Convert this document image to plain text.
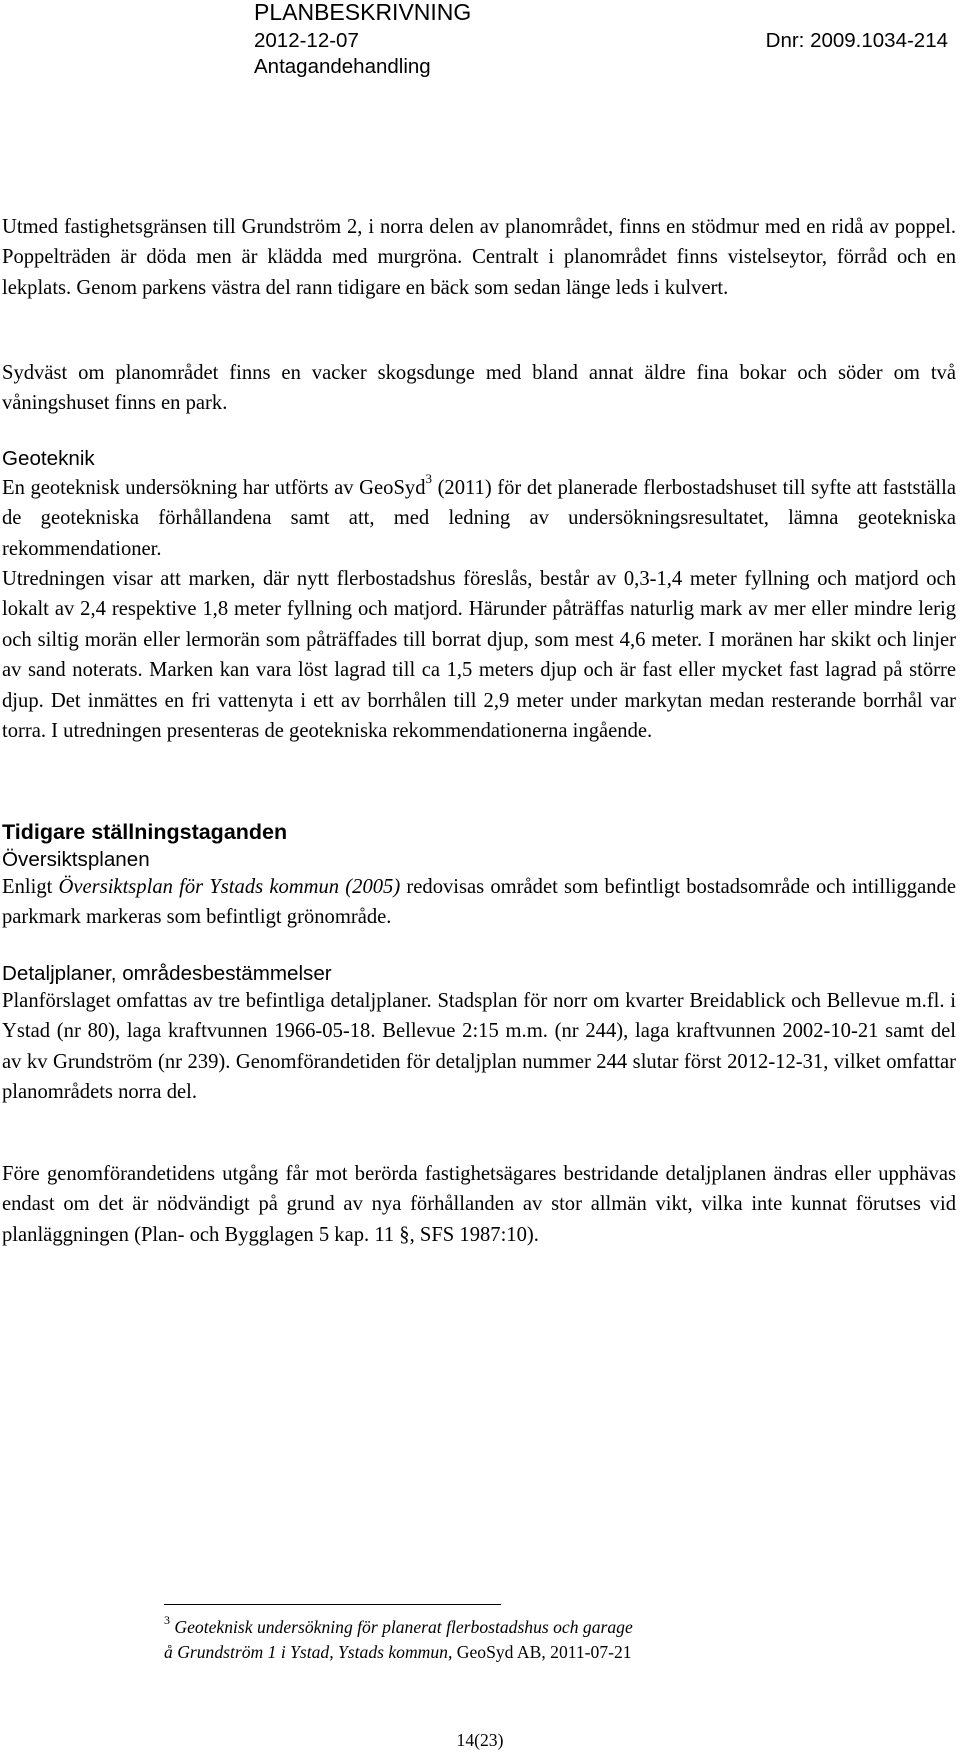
PLANBESKRIVNING
2012-12-07	Dnr: 2009.1034-214
Antagandehandling
Utmed fastighetsgränsen till Grundström 2, i norra delen av planområdet, finns en stödmur med en ridå av poppel. Poppelträden är döda men är klädda med murgröna. Centralt i planområdet finns vistelseytor, förråd och en lekplats. Genom parkens västra del rann tidigare en bäck som sedan länge leds i kulvert.
Sydväst om planområdet finns en vacker skogsdunge med bland annat äldre fina bokar och söder om två våningshuset finns en park.
Geoteknik
En geoteknisk undersökning har utförts av GeoSyd$^3$ (2011) för det planerade flerbostadshuset till syfte att fastställa de geotekniska förhållandena samt att, med ledning av undersökningsresultatet, lämna geotekniska rekommendationer.
Utredningen visar att marken, där nytt flerbostadshus föreslås, består av 0,3-1,4 meter fyllning och matjord och lokalt av 2,4 respektive 1,8 meter fyllning och matjord. Härunder påträffas naturlig mark av mer eller mindre lerig och siltig morän eller lermorän som påträffades till borrat djup, som mest 4,6 meter. I moränen har skikt och linjer av sand noterats. Marken kan vara löst lagrad till ca 1,5 meters djup och är fast eller mycket fast lagrad på större djup. Det inmättes en fri vattenyta i ett av borrhålen till 2,9 meter under markytan medan resterande borrhål var torra. I utredningen presenteras de geotekniska rekommendationerna ingående.
Tidigare ställningstaganden
Översiktsplanen
Enligt Översiktsplan för Ystads kommun (2005) redovisas området som befintligt bostadsområde och intilliggande parkmark markeras som befintligt grönområde.
Detaljplaner, områdesbestämmelser
Planförslaget omfattas av tre befintliga detaljplaner. Stadsplan för norr om kvarter Breidablick och Bellevue m.fl. i Ystad (nr 80), laga kraftvunnen 1966-05-18. Bellevue 2:15 m.m. (nr 244), laga kraftvunnen 2002-10-21 samt del av kv Grundström (nr 239). Genomförandetiden för detaljplan nummer 244 slutar först 2012-12-31, vilket omfattar planområdets norra del.
Före genomförandetidens utgång får mot berörda fastighetsägares bestridande detaljplanen ändras eller upphävas endast om det är nödvändigt på grund av nya förhållanden av stor allmän vikt, vilka inte kunnat förutses vid planläggningen (Plan- och Bygglagen 5 kap. 11 §, SFS 1987:10).
$^3$ Geoteknisk undersökning för planerat flerbostadshus och garage
å Grundström 1 i Ystad, Ystads kommun, GeoSyd AB, 2011-07-21
14(23)
